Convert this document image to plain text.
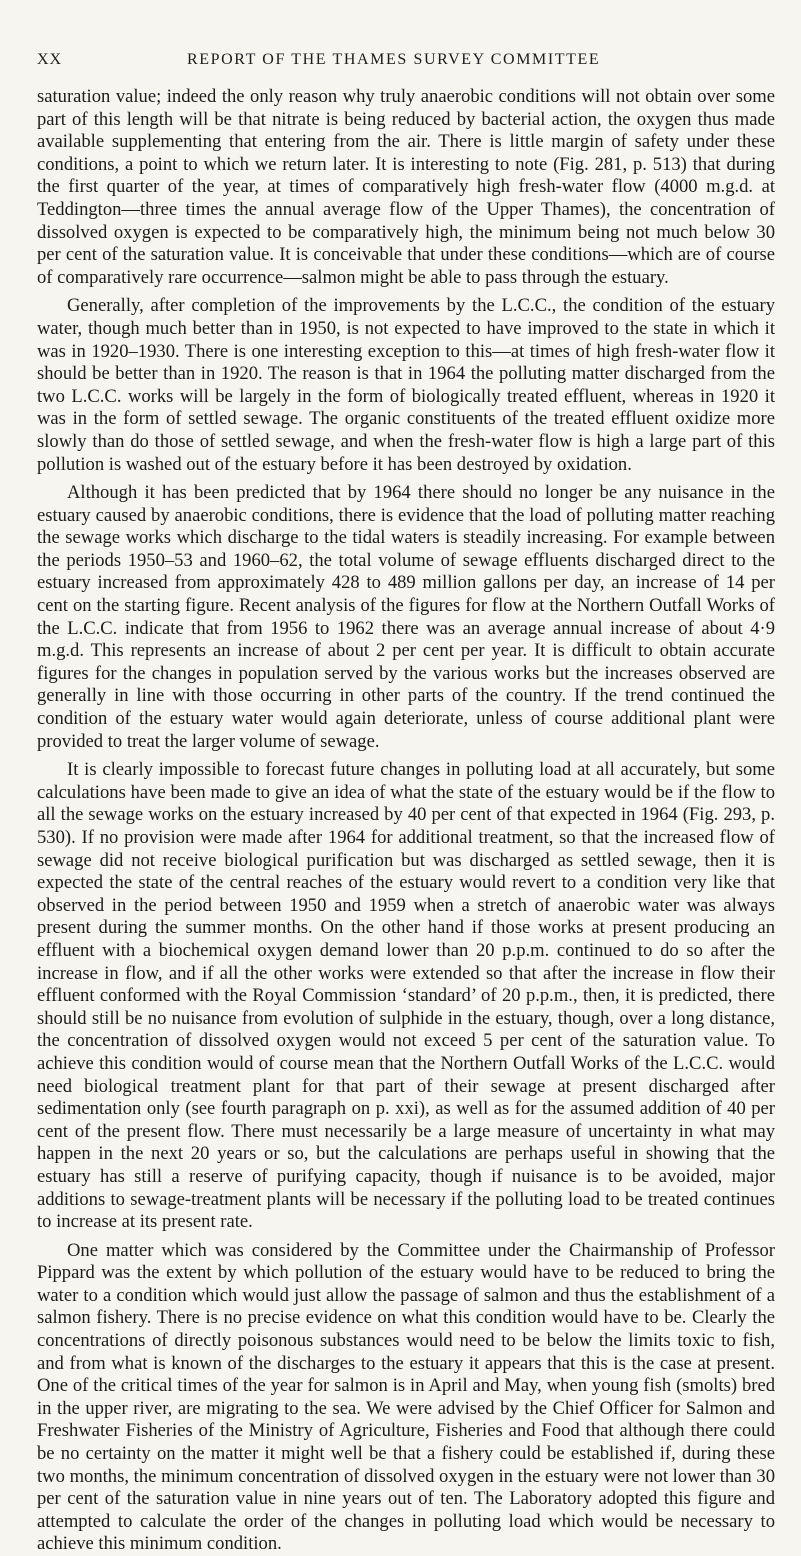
XX	REPORT OF THE THAMES SURVEY COMMITTEE

saturation value; indeed the only reason why truly anaerobic conditions will not obtain over some part of this length will be that nitrate is being reduced by bacterial action, the oxygen thus made available supplementing that entering from the air. There is little margin of safety under these conditions, a point to which we return later. It is interesting to note (Fig. 281, p. 513) that during the first quarter of the year, at times of comparatively high fresh-water flow (4000 m.g.d. at Teddington—three times the annual average flow of the Upper Thames), the concentration of dissolved oxygen is expected to be comparatively high, the minimum being not much below 30 per cent of the saturation value. It is conceivable that under these conditions—which are of course of comparatively rare occurrence—salmon might be able to pass through the estuary.

Generally, after completion of the improvements by the L.C.C., the condition of the estuary water, though much better than in 1950, is not expected to have improved to the state in which it was in 1920–1930. There is one interesting exception to this—at times of high fresh-water flow it should be better than in 1920. The reason is that in 1964 the polluting matter discharged from the two L.C.C. works will be largely in the form of biologically treated effluent, whereas in 1920 it was in the form of settled sewage. The organic constituents of the treated effluent oxidize more slowly than do those of settled sewage, and when the fresh-water flow is high a large part of this pollution is washed out of the estuary before it has been destroyed by oxidation.

Although it has been predicted that by 1964 there should no longer be any nuisance in the estuary caused by anaerobic conditions, there is evidence that the load of polluting matter reaching the sewage works which discharge to the tidal waters is steadily increasing. For example between the periods 1950–53 and 1960–62, the total volume of sewage effluents discharged direct to the estuary increased from approximately 428 to 489 million gallons per day, an increase of 14 per cent on the starting figure. Recent analysis of the figures for flow at the Northern Outfall Works of the L.C.C. indicate that from 1956 to 1962 there was an average annual increase of about 4·9 m.g.d. This represents an increase of about 2 per cent per year. It is difficult to obtain accurate figures for the changes in population served by the various works but the increases observed are generally in line with those occurring in other parts of the country. If the trend continued the condition of the estuary water would again deteriorate, unless of course additional plant were provided to treat the larger volume of sewage.

It is clearly impossible to forecast future changes in polluting load at all accurately, but some calculations have been made to give an idea of what the state of the estuary would be if the flow to all the sewage works on the estuary increased by 40 per cent of that expected in 1964 (Fig. 293, p. 530). If no provision were made after 1964 for additional treatment, so that the increased flow of sewage did not receive biological purification but was discharged as settled sewage, then it is expected the state of the central reaches of the estuary would revert to a condition very like that observed in the period between 1950 and 1959 when a stretch of anaerobic water was always present during the summer months. On the other hand if those works at present producing an effluent with a biochemical oxygen demand lower than 20 p.p.m. continued to do so after the increase in flow, and if all the other works were extended so that after the increase in flow their effluent conformed with the Royal Commission ‘standard’ of 20 p.p.m., then, it is predicted, there should still be no nuisance from evolution of sulphide in the estuary, though, over a long distance, the concentration of dissolved oxygen would not exceed 5 per cent of the saturation value. To achieve this condition would of course mean that the Northern Outfall Works of the L.C.C. would need biological treatment plant for that part of their sewage at present discharged after sedimentation only (see fourth paragraph on p. xxi), as well as for the assumed addition of 40 per cent of the present flow. There must necessarily be a large measure of uncertainty in what may happen in the next 20 years or so, but the calculations are perhaps useful in showing that the estuary has still a reserve of purifying capacity, though if nuisance is to be avoided, major additions to sewage-treatment plants will be necessary if the polluting load to be treated continues to increase at its present rate.

One matter which was considered by the Committee under the Chairmanship of Professor Pippard was the extent by which pollution of the estuary would have to be reduced to bring the water to a condition which would just allow the passage of salmon and thus the establishment of a salmon fishery. There is no precise evidence on what this condition would have to be. Clearly the concentrations of directly poisonous substances would need to be below the limits toxic to fish, and from what is known of the discharges to the estuary it appears that this is the case at present. One of the critical times of the year for salmon is in April and May, when young fish (smolts) bred in the upper river, are migrating to the sea. We were advised by the Chief Officer for Salmon and Freshwater Fisheries of the Ministry of Agriculture, Fisheries and Food that although there could be no certainty on the matter it might well be that a fishery could be established if, during these two months, the minimum concentration of dissolved oxygen in the estuary were not lower than 30 per cent of the saturation value in nine years out of ten. The Laboratory adopted this figure and attempted to calculate the order of the changes in polluting load which would be necessary to achieve this minimum condition.
